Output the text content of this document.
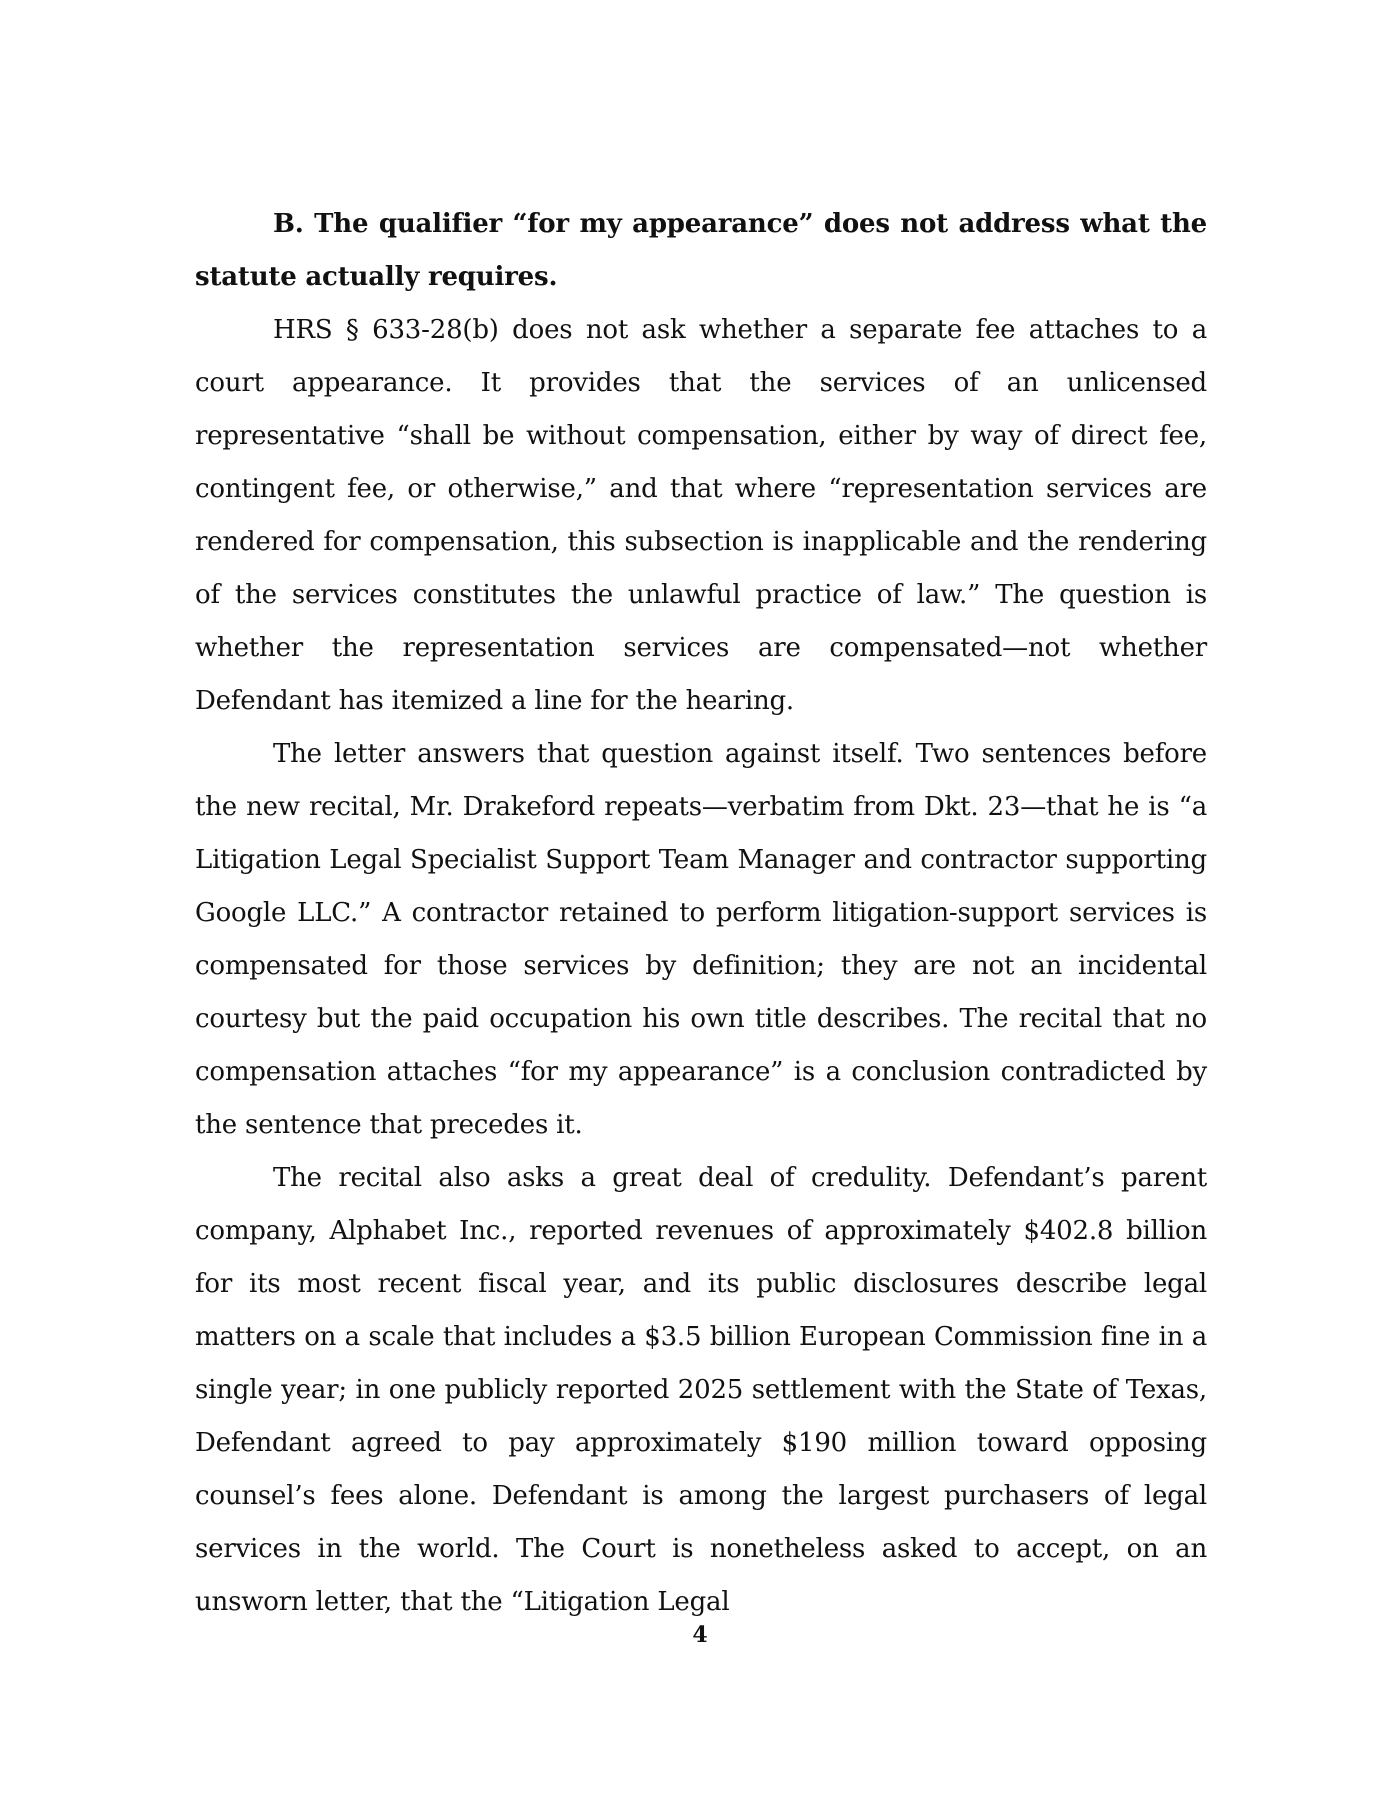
B. The qualifier “for my appearance” does not address what the statute actually requires.

HRS § 633-28(b) does not ask whether a separate fee attaches to a court appearance. It provides that the services of an unlicensed representative “shall be without compensation, either by way of direct fee, contingent fee, or otherwise,” and that where “representation services are rendered for compensation, this subsection is inapplicable and the rendering of the services constitutes the unlawful practice of law.” The question is whether the representation services are compensated—not whether Defendant has itemized a line for the hearing.

The letter answers that question against itself. Two sentences before the new recital, Mr. Drakeford repeats—verbatim from Dkt. 23—that he is “a Litigation Legal Specialist Support Team Manager and contractor supporting Google LLC.” A contractor retained to perform litigation-support services is compensated for those services by definition; they are not an incidental courtesy but the paid occupation his own title describes. The recital that no compensation attaches “for my appearance” is a conclusion contradicted by the sentence that precedes it.

The recital also asks a great deal of credulity. Defendant’s parent company, Alphabet Inc., reported revenues of approximately $402.8 billion for its most recent fiscal year, and its public disclosures describe legal matters on a scale that includes a $3.5 billion European Commission fine in a single year; in one publicly reported 2025 settlement with the State of Texas, Defendant agreed to pay approximately $190 million toward opposing counsel’s fees alone. Defendant is among the largest purchasers of legal services in the world. The Court is nonetheless asked to accept, on an unsworn letter, that the “Litigation Legal

4
